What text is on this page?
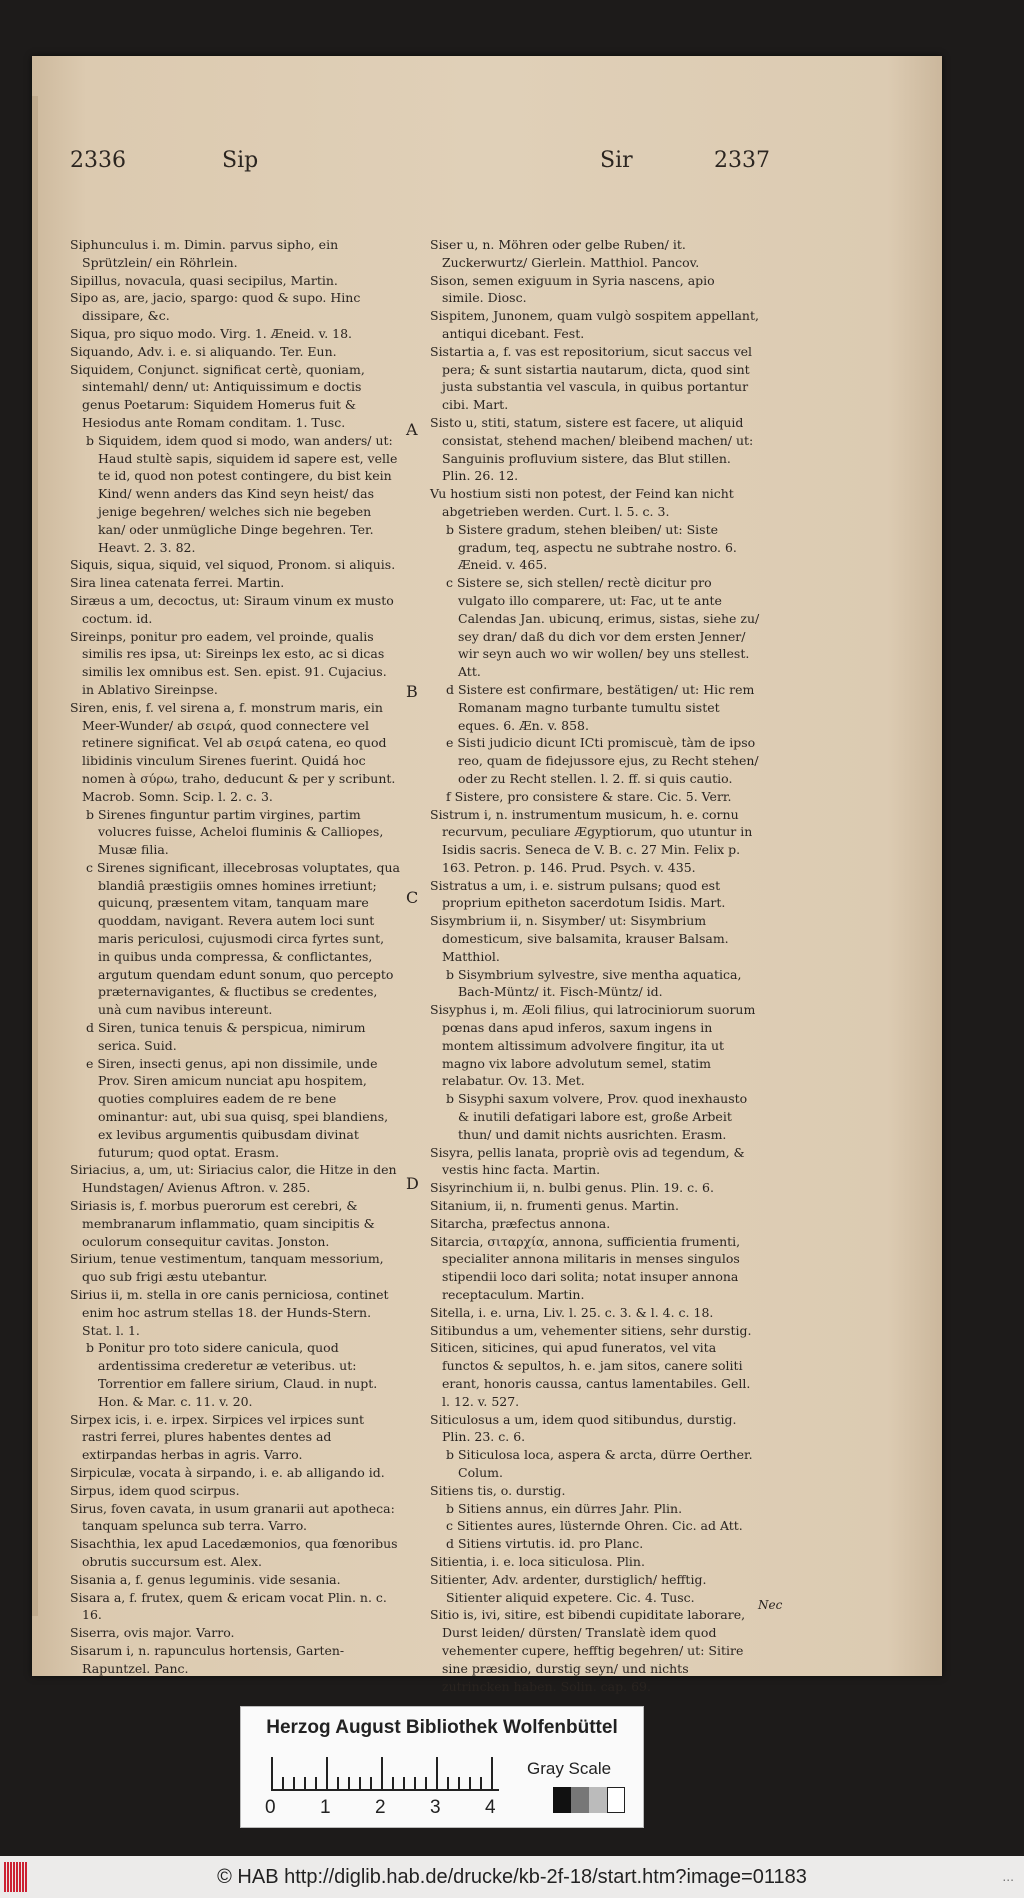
2336	Sip	Sir	2337

Siphunculus i. m. Dimin. parvus sipho, ein Sprützlein/ ein Röhrlein.

Sipillus, novacula, quasi secipilus, Martin.

Sipo as, are, jacio, spargo: quod & supo. Hinc dissipare, &c.

Siqua, pro siquo modo. Virg. 1. Æneid. v. 18.

Siquando, Adv. i. e. si aliquando. Ter. Eun.

Siquidem, Conjunct. significat certè, quoniam, sintemahl/ denn/ ut: Antiquissimum e doctis genus Poetarum: Siquidem Homerus fuit & Hesiodus ante Romam conditam. 1. Tusc.

b Siquidem, idem quod si modo, wan anders/ ut: Haud stultè sapis, siquidem id sapere est, velle te id, quod non potest contingere, du bist kein Kind/ wenn anders das Kind seyn heist/ das jenige begehren/ welches sich nie begeben kan/ oder unmügliche Dinge begehren. Ter. Heavt. 2. 3. 82.

Siquis, siqua, siquid, vel siquod, Pronom. si aliquis.

Sira linea catenata ferrei. Martin.

Siræus a um, decoctus, ut: Siraum vinum ex musto coctum. id.

Sireinps, ponitur pro eadem, vel proinde, qualis similis res ipsa, ut: Sireinps lex esto, ac si dicas similis lex omnibus est. Sen. epist. 91. Cujacius. in Ablativo Sireinpse.

Siren, enis, f. vel sirena a, f. monstrum maris, ein Meer-Wunder/ ab σειρά, quod connectere vel retinere significat. Vel ab σειρά catena, eo quod libidinis vinculum Sirenes fuerint. Quidá hoc nomen à σύρω, traho, deducunt & per y scribunt. Macrob. Somn. Scip. l. 2. c. 3.

b Sirenes finguntur partim virgines, partim volucres fuisse, Acheloi fluminis & Calliopes, Musæ filia.

c Sirenes significant, illecebrosas voluptates, qua blandiâ præstigiis omnes homines irretiunt; quicunq, præsentem vitam, tanquam mare quoddam, navigant. Revera autem loci sunt maris periculosi, cujusmodi circa fyrtes sunt, in quibus unda compressa, & conflictantes, argutum quendam edunt sonum, quo percepto præternavigantes, & fluctibus se credentes, unà cum navibus intereunt.

d Siren, tunica tenuis & perspicua, nimirum serica. Suid.

e Siren, insecti genus, api non dissimile, unde Prov. Siren amicum nunciat apu hospitem, quoties compluires eadem de re bene ominantur: aut, ubi sua quisq, spei blandiens, ex levibus argumentis quibusdam divinat futurum; quod optat. Erasm.

Siriacius, a, um, ut: Siriacius calor, die Hitze in den Hundstagen/ Avienus Aftron. v. 285.

Siriasis is, f. morbus puerorum est cerebri, & membranarum inflammatio, quam sincipitis & oculorum consequitur cavitas. Jonston.

Sirium, tenue vestimentum, tanquam messorium, quo sub frigi æstu utebantur.

Sirius ii, m. stella in ore canis perniciosa, continet enim hoc astrum stellas 18. der Hunds-Stern. Stat. l. 1.

b Ponitur pro toto sidere canicula, quod ardentissima crederetur æ veteribus. ut: Torrentior em fallere sirium, Claud. in nupt. Hon. & Mar. c. 11. v. 20.

Sirpex icis, i. e. irpex. Sirpices vel irpices sunt rastri ferrei, plures habentes dentes ad extirpandas herbas in agris. Varro.

Sirpiculæ, vocata à sirpando, i. e. ab alligando id.

Sirpus, idem quod scirpus.

Sirus, foven cavata, in usum granarii aut apotheca: tanquam spelunca sub terra. Varro.

Sisachthia, lex apud Lacedæmonios, qua fœnoribus obrutis succursum est. Alex.

Sisania a, f. genus leguminis. vide sesania.

Sisara a, f. frutex, quem & ericam vocat Plin. n. c. 16.

Siserra, ovis major. Varro.

Sisarum i, n. rapunculus hortensis, Garten-Rapuntzel. Panc.

A
B
C
D

Siser u, n. Möhren oder gelbe Ruben/ it. Zuckerwurtz/ Gierlein. Matthiol. Pancov.

Sison, semen exiguum in Syria nascens, apio simile. Diosc.

Sispitem, Junonem, quam vulgò sospitem appellant, antiqui dicebant. Fest.

Sistartia a, f. vas est repositorium, sicut saccus vel pera; & sunt sistartia nautarum, dicta, quod sint justa substantia vel vascula, in quibus portantur cibi. Mart.

Sisto u, stiti, statum, sistere est facere, ut aliquid consistat, stehend machen/ bleibend machen/ ut: Sanguinis profluvium sistere, das Blut stillen. Plin. 26. 12.

Vu hostium sisti non potest, der Feind kan nicht abgetrieben werden. Curt. l. 5. c. 3.

b Sistere gradum, stehen bleiben/ ut: Siste gradum, teq, aspectu ne subtrahe nostro. 6. Æneid. v. 465.

c Sistere se, sich stellen/ rectè dicitur pro vulgato illo comparere, ut: Fac, ut te ante Calendas Jan. ubicunq, erimus, sistas, siehe zu/ sey dran/ daß du dich vor dem ersten Jenner/ wir seyn auch wo wir wollen/ bey uns stellest. Att.

d Sistere est confirmare, bestätigen/ ut: Hic rem Romanam magno turbante tumultu sistet eques. 6. Æn. v. 858.

e Sisti judicio dicunt ICti promiscuè, tàm de ipso reo, quam de fidejussore ejus, zu Recht stehen/ oder zu Recht stellen. l. 2. ff. si quis cautio.

f Sistere, pro consistere & stare. Cic. 5. Verr.

Sistrum i, n. instrumentum musicum, h. e. cornu recurvum, peculiare Ægyptiorum, quo utuntur in Isidis sacris. Seneca de V. B. c. 27 Min. Felix p. 163. Petron. p. 146. Prud. Psych. v. 435.

Sistratus a um, i. e. sistrum pulsans; quod est proprium epitheton sacerdotum Isidis. Mart.

Sisymbrium ii, n. Sisymber/ ut: Sisymbrium domesticum, sive balsamita, krauser Balsam. Matthiol.

b Sisymbrium sylvestre, sive mentha aquatica, Bach-Müntz/ it. Fisch-Müntz/ id.

Sisyphus i, m. Æoli filius, qui latrociniorum suorum pœnas dans apud inferos, saxum ingens in montem altissimum advolvere fingitur, ita ut magno vix labore advolutum semel, statim relabatur. Ov. 13. Met.

b Sisyphi saxum volvere, Prov. quod inexhausto & inutili defatigari labore est, große Arbeit thun/ und damit nichts ausrichten. Erasm.

Sisyra, pellis lanata, propriè ovis ad tegendum, & vestis hinc facta. Martin.

Sisyrinchium ii, n. bulbi genus. Plin. 19. c. 6.

Sitanium, ii, n. frumenti genus. Martin.

Sitarcha, præfectus annona.

Sitarcia, σιταρχία, annona, sufficientia frumenti, specialiter annona militaris in menses singulos stipendii loco dari solita; notat insuper annona receptaculum. Martin.

Sitella, i. e. urna, Liv. l. 25. c. 3. & l. 4. c. 18.

Sitibundus a um, vehementer sitiens, sehr durstig.

Siticen, siticines, qui apud funeratos, vel vita functos & sepultos, h. e. jam sitos, canere soliti erant, honoris caussa, cantus lamentabiles. Gell. l. 12. v. 527.

Siticulosus a um, idem quod sitibundus, durstig. Plin. 23. c. 6.

b Siticulosa loca, aspera & arcta, dürre Oerther. Colum.

Sitiens tis, o. durstig.

b Sitiens annus, ein dürres Jahr. Plin.

c Sitientes aures, lüsternde Ohren. Cic. ad Att.

d Sitiens virtutis. id. pro Planc.

Sitientia, i. e. loca siticulosa. Plin.

Sitienter, Adv. ardenter, durstiglich/ hefftig.

Sitienter aliquid expetere. Cic. 4. Tusc.

Sitio is, ivi, sitire, est bibendi cupiditate laborare, Durst leiden/ dürsten/ Translatè idem quod vehementer cupere, hefftig begehren/ ut: Sitire sine præsidio, durstig seyn/ und nichts zutrincken haben. Solin. cap. 69.

Nec
Herzog August Bibliothek Wolfenbüttel
0 1 2 3 4
Gray Scale
© HAB http://diglib.hab.de/drucke/kb-2f-18/start.htm?image=01183	...
